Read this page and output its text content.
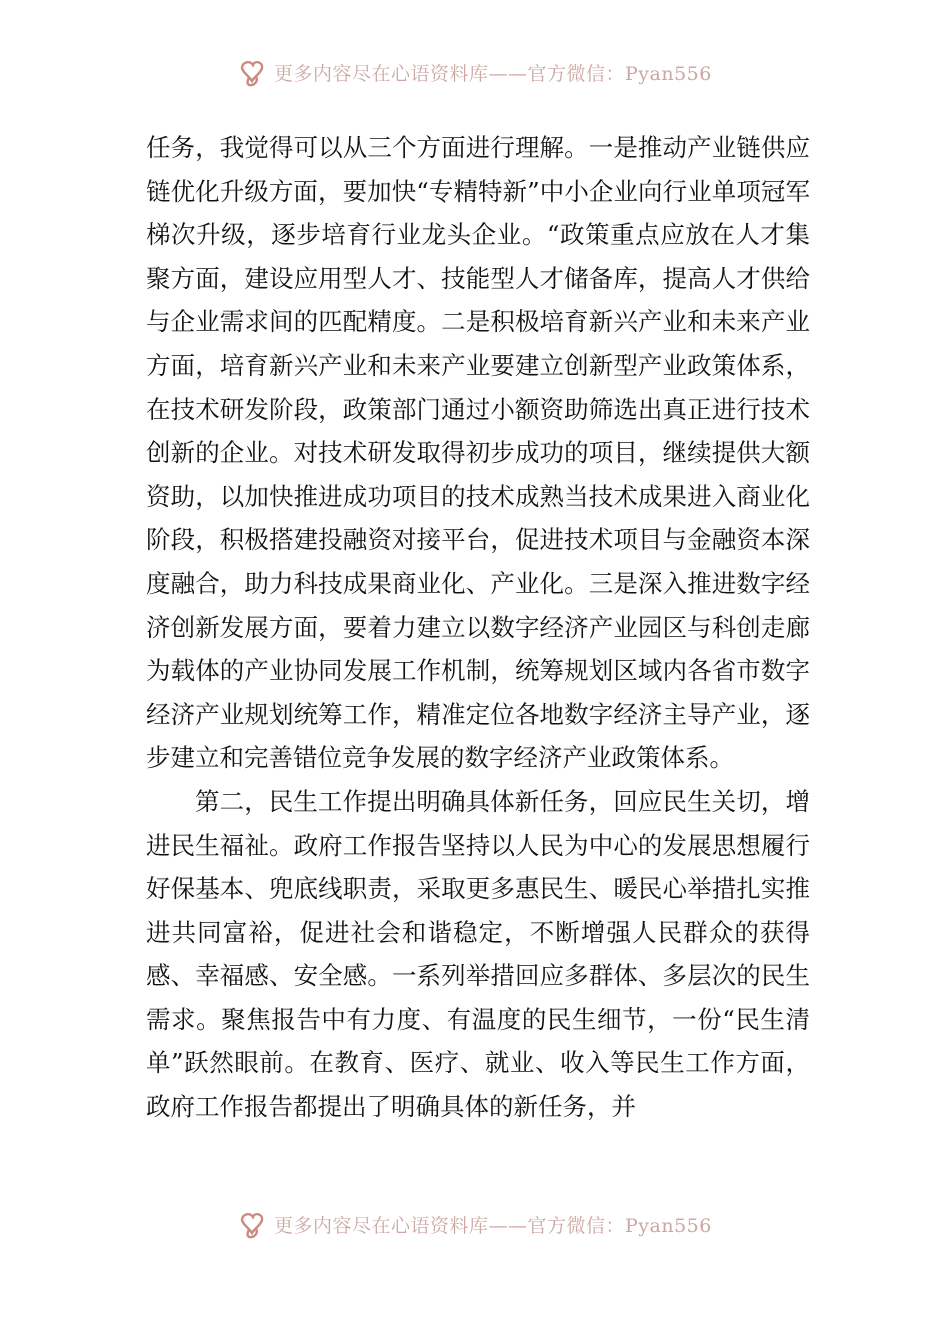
更多内容尽在心语资料库——官方微信：Pyan556

任务，我觉得可以从三个方面进行理解。一是推动产业链供应链优化升级方面，要加快“专精特新”中小企业向行业单项冠军梯次升级，逐步培育行业龙头企业。“政策重点应放在人才集聚方面，建设应用型人才、技能型人才储备库，提高人才供给与企业需求间的匹配精度。二是积极培育新兴产业和未来产业方面，培育新兴产业和未来产业要建立创新型产业政策体系，在技术研发阶段，政策部门通过小额资助筛选出真正进行技术创新的企业。对技术研发取得初步成功的项目，继续提供大额资助，以加快推进成功项目的技术成熟当技术成果进入商业化阶段，积极搭建投融资对接平台，促进技术项目与金融资本深度融合，助力科技成果商业化、产业化。三是深入推进数字经济创新发展方面，要着力建立以数字经济产业园区与科创走廊为载体的产业协同发展工作机制，统筹规划区域内各省市数字经济产业规划统筹工作，精准定位各地数字经济主导产业，逐步建立和完善错位竞争发展的数字经济产业政策体系。

第二，民生工作提出明确具体新任务，回应民生关切，增进民生福祉。政府工作报告坚持以人民为中心的发展思想履行好保基本、兜底线职责，采取更多惠民生、暖民心举措扎实推进共同富裕，促进社会和谐稳定，不断增强人民群众的获得感、幸福感、安全感。一系列举措回应多群体、多层次的民生需求。聚焦报告中有力度、有温度的民生细节，一份“民生清单”跃然眼前。在教育、医疗、就业、收入等民生工作方面，政府工作报告都提出了明确具体的新任务，并

更多内容尽在心语资料库——官方微信：Pyan556
